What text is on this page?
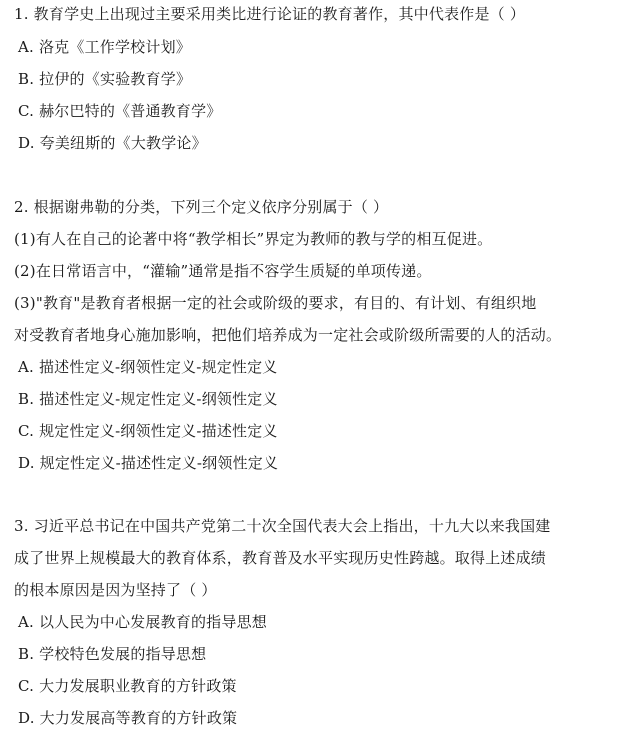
1. 教育学史上出现过主要采用类比进行论证的教育著作，其中代表作是（ ）
A. 洛克《工作学校计划》
B. 拉伊的《实验教育学》
C. 赫尔巴特的《普通教育学》
D. 夸美纽斯的《大教学论》
2. 根据谢弗勒的分类，下列三个定义依序分别属于（ ）
(1)有人在自己的论著中将“教学相长”界定为教师的教与学的相互促进。
(2)在日常语言中，“灌输”通常是指不容学生质疑的单项传递。
(3)"教育"是教育者根据一定的社会或阶级的要求，有目的、有计划、有组织地
对受教育者地身心施加影响，把他们培养成为一定社会或阶级所需要的人的活动。
A. 描述性定义-纲领性定义-规定性定义
B. 描述性定义-规定性定义-纲领性定义
C. 规定性定义-纲领性定义-描述性定义
D. 规定性定义-描述性定义-纲领性定义
3. 习近平总书记在中国共产党第二十次全国代表大会上指出，十九大以来我国建
成了世界上规模最大的教育体系，教育普及水平实现历史性跨越。取得上述成绩
的根本原因是因为坚持了（ ）
A. 以人民为中心发展教育的指导思想
B. 学校特色发展的指导思想
C. 大力发展职业教育的方针政策
D. 大力发展高等教育的方针政策
